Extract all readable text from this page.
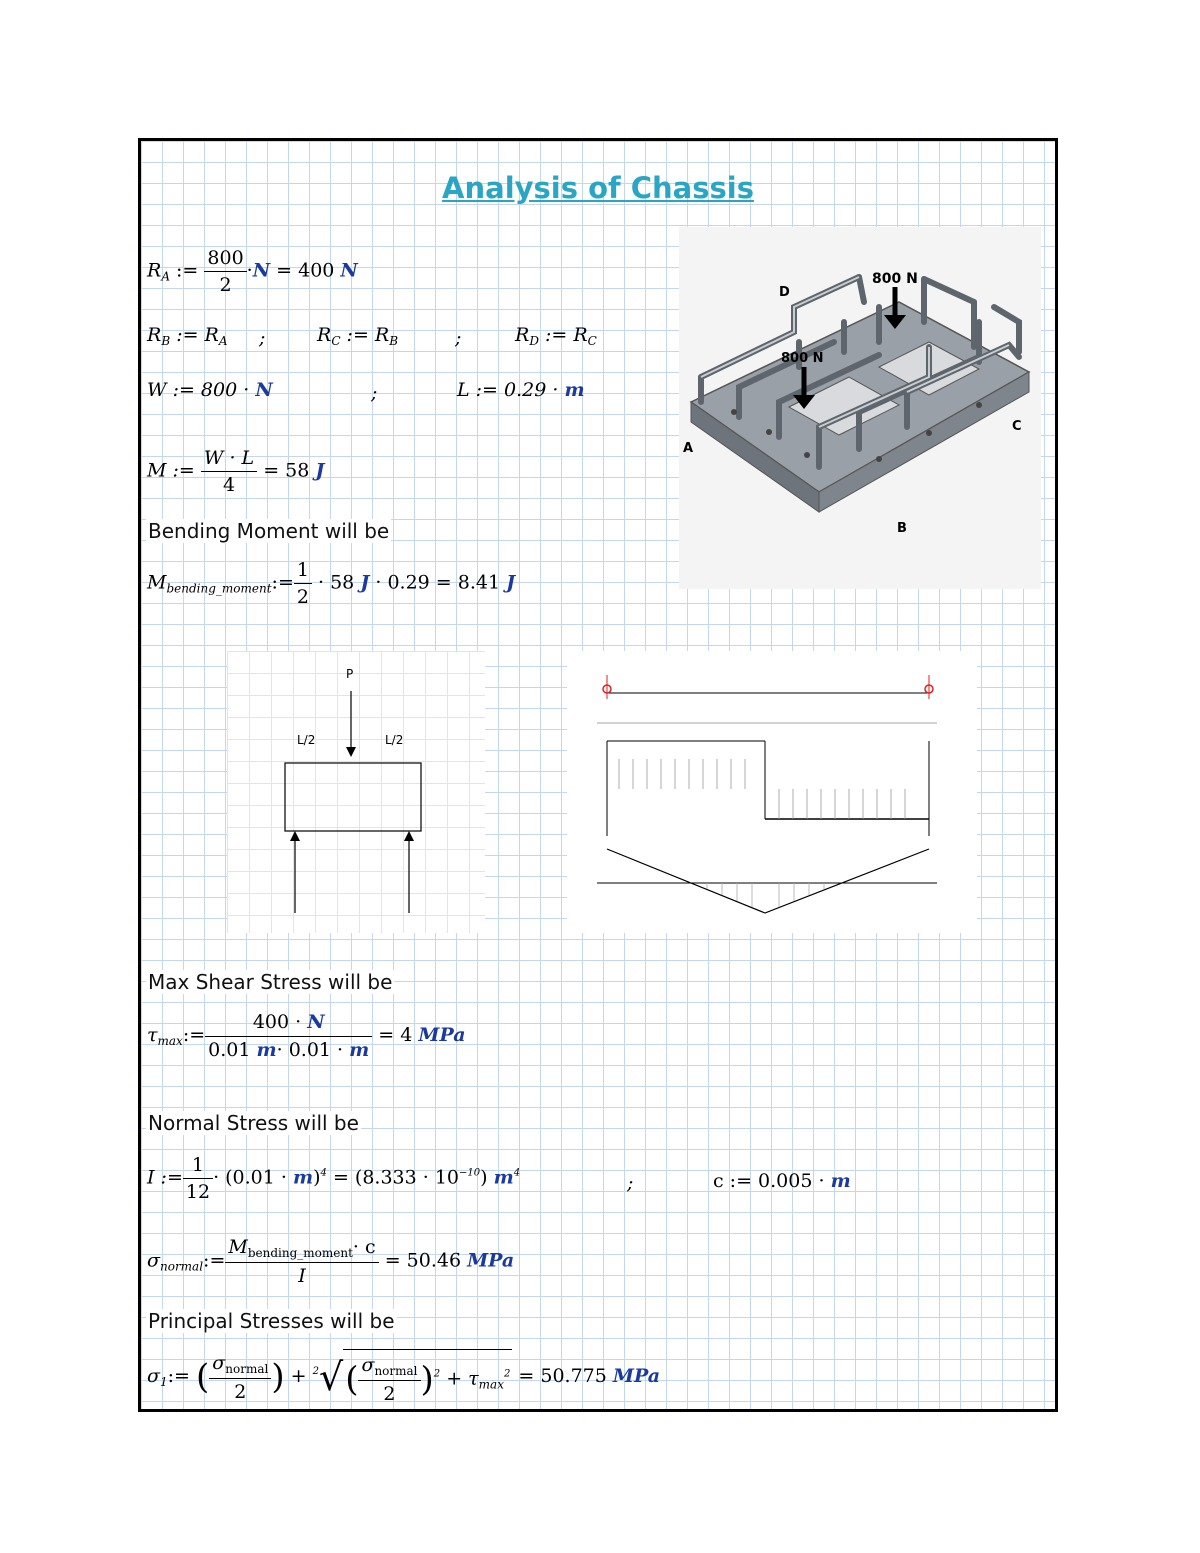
Analysis of Chassis
$R_A$ := $\frac{800}{2} \cdot N = 400$ N
$R_B$ := $R_A$ ;	$R_C$ := $R_B$	;	$R_D$ := $R_C$
W := 800 · N	;	L := 0.29 · m
M := $\frac{W \cdot L}{4} = 58$ J
Bending Moment will be
$M_{bending\_moment}:= \frac{1}{2} \cdot 58$ J · 0.29 = 8.41 J
800 N
800 N
D
A
C
B
P
L/2	L/2
Max Shear Stress will be
$\tau_{max}:= \frac{400 \cdot N}{0.01 m\cdot 0.01 \cdot m} = 4$ MPa
Normal Stress will be
I := $\frac{1}{12} \cdot (0.01 \cdot m)^4 = (8.333 \cdot 10^{-10})$ $m^4$	;	c := 0.005 · m
$\sigma_{normal}:= \frac{M_{bending\_moment}\cdot c}{I} = 50.46$ MPa
Principal Stresses will be
$\sigma_1:=$ ( $\frac{\sigma_{normal}}{2}$ ) + $^2√( \frac{\sigma_{normal}}{2} )^2 + \tau_{max}^2 = 50.775$ MPa
